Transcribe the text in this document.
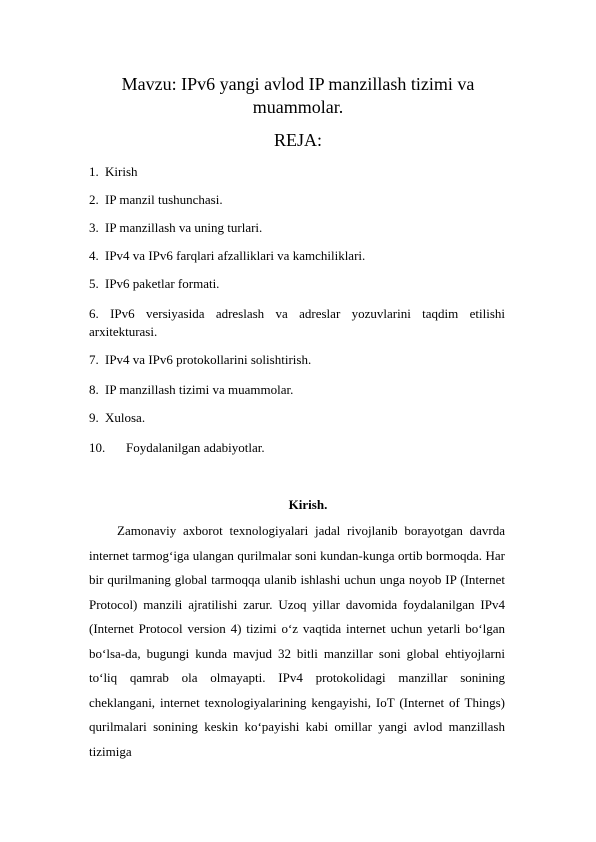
Mavzu: IPv6 yangi avlod IP manzillash tizimi va muammolar.
REJA:
1. Kirish
2. IP manzil tushunchasi.
3. IP manzillash va uning turlari.
4. IPv4 va IPv6 farqlari afzalliklari va kamchiliklari.
5. IPv6 paketlar formati.
6. IPv6 versiyasida adreslash va adreslar yozuvlarini taqdim etilishi arxitekturasi.
7. IPv4 va IPv6 protokollarini solishtirish.
8. IP manzillash tizimi va muammolar.
9. Xulosa.
10. Foydalanilgan adabiyotlar.
Kirish.

Zamonaviy axborot texnologiyalari jadal rivojlanib borayotgan davrda internet tarmog‘iga ulangan qurilmalar soni kundan-kunga ortib bormoqda. Har bir qurilmaning global tarmoqqa ulanib ishlashi uchun unga noyob IP (Internet Protocol) manzili ajratilishi zarur. Uzoq yillar davomida foydalanilgan IPv4 (Internet Protocol version 4) tizimi o‘z vaqtida internet uchun yetarli bo‘lgan bo‘lsa-da, bugungi kunda mavjud 32 bitli manzillar soni global ehtiyojlarni to‘liq qamrab ola olmayapti. IPv4 protokolidagi manzillar sonining cheklangani, internet texnologiyalarining kengayishi, IoT (Internet of Things) qurilmalari sonining keskin ko‘payishi kabi omillar yangi avlod manzillash tizimiga
